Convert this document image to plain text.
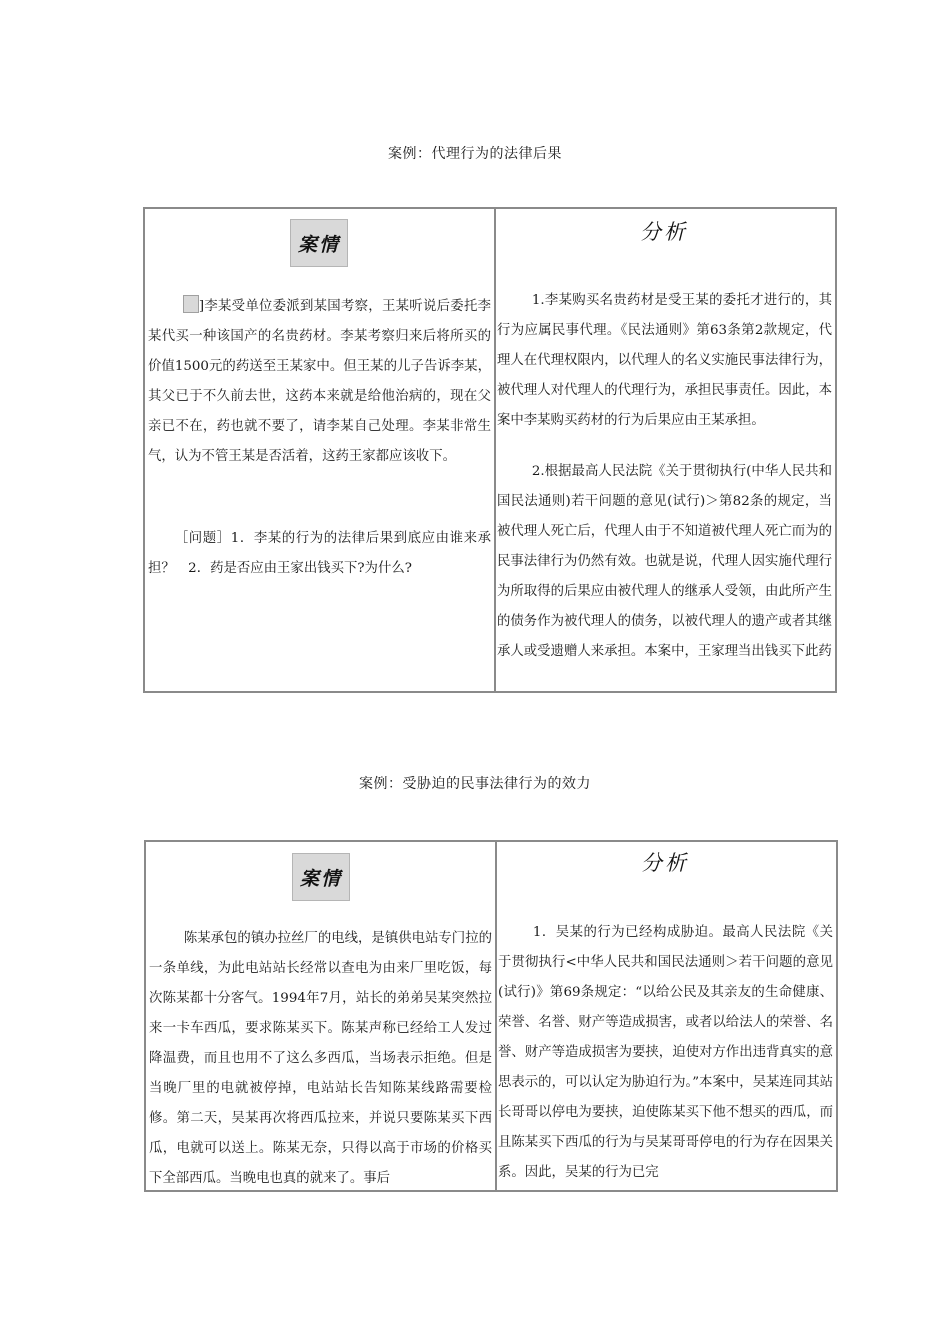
案例：代理行为的法律后果
案情

]李某受单位委派到某国考察，王某听说后委托李某代买一种该国产的名贵药材。李某考察归来后将所买的价值1500元的药送至王某家中。但王某的儿子告诉李某，其父已于不久前去世，这药本来就是给他治病的，现在父亲已不在，药也就不要了，请李某自己处理。李某非常生气，认为不管王某是否活着，这药王家都应该收下。

［问题］1．李某的行为的法律后果到底应由谁来承担？　2．药是否应由王家出钱买下?为什么?

分析

1.李某购买名贵药材是受王某的委托才进行的，其行为应属民事代理。《民法通则》第63条第2款规定，代理人在代理权限内，以代理人的名义实施民事法律行为，被代理人对代理人的代理行为，承担民事责任。因此，本案中李某购买药材的行为后果应由王某承担。

2.根据最高人民法院《关于贯彻执行(中华人民共和国民法通则)若干问题的意见(试行)＞第82条的规定，当被代理人死亡后，代理人由于不知道被代理人死亡而为的民事法律行为仍然有效。也就是说，代理人因实施代理行为所取得的后果应由被代理人的继承人受领，由此所产生的债务作为被代理人的债务，以被代理人的遗产或者其继承人或受遗赠人来承担。本案中，王家理当出钱买下此药

案例：受胁迫的民事法律行为的效力
案情

陈某承包的镇办拉丝厂的电线，是镇供电站专门拉的一条单线，为此电站站长经常以查电为由来厂里吃饭，每次陈某都十分客气。1994年7月，站长的弟弟吴某突然拉来一卡车西瓜，要求陈某买下。陈某声称已经给工人发过降温费，而且也用不了这么多西瓜，当场表示拒绝。但是当晚厂里的电就被停掉，电站站长告知陈某线路需要检修。第二天，吴某再次将西瓜拉来，并说只要陈某买下西瓜，电就可以送上。陈某无奈，只得以高于市场的价格买下全部西瓜。当晚电也真的就来了。事后

分析

1．吴某的行为已经构成胁迫。最高人民法院《关于贯彻执行<中华人民共和国民法通则＞若干问题的意见(试行)》第69条规定：“以给公民及其亲友的生命健康、荣誉、名誉、财产等造成损害，或者以给法人的荣誉、名誉、财产等造成损害为要挟，迫使对方作出违背真实的意思表示的，可以认定为胁迫行为。”本案中，吴某连同其站长哥哥以停电为要挟，迫使陈某买下他不想买的西瓜，而且陈某买下西瓜的行为与吴某哥哥停电的行为存在因果关系。因此，吴某的行为已完
